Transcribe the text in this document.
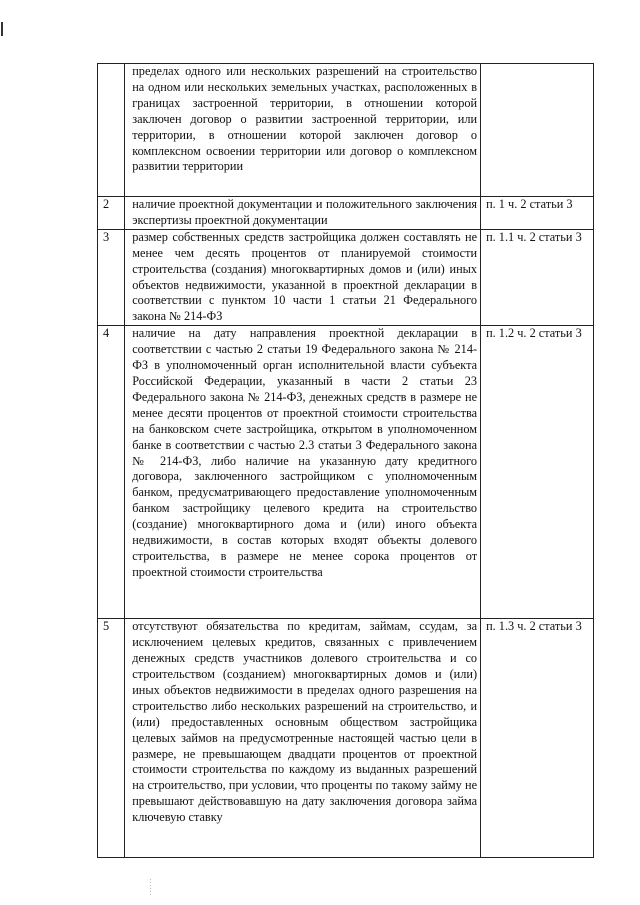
	пределах одного или нескольких разрешений на строительство на одном или нескольких земельных участках, расположенных в границах застроенной территории, в отношении которой заключен договор о развитии застроенной территории, или территории, в отношении которой заключен договор о комплексном освоении территории или договор о комплексном развитии территории	
2	наличие проектной документации и положительного заключения экспертизы проектной документации	п. 1 ч. 2 статьи 3
3	размер собственных средств застройщика должен составлять не менее чем десять процентов от планируемой стоимости строительства (создания) многоквартирных домов и (или) иных объектов недвижимости, указанной в проектной декларации в соответствии с пунктом 10 части 1 статьи 21 Федерального закона № 214-ФЗ	п. 1.1 ч. 2 статьи 3
4	наличие на дату направления проектной декларации в соответствии с частью 2 статьи 19 Федерального закона № 214-ФЗ в уполномоченный орган исполнительной власти субъекта Российской Федерации, указанный в части 2 статьи 23 Федерального закона № 214-ФЗ, денежных средств в размере не менее десяти процентов от проектной стоимости строительства на банковском счете застройщика, открытом в уполномоченном банке в соответствии с частью 2.3 статьи 3 Федерального закона № 214-ФЗ, либо наличие на указанную дату кредитного договора, заключенного застройщиком с уполномоченным банком, предусматривающего предоставление уполномоченным банком застройщику целевого кредита на строительство (создание) многоквартирного дома и (или) иного объекта недвижимости, в состав которых входят объекты долевого строительства, в размере не менее сорока процентов от проектной стоимости строительства	п. 1.2 ч. 2 статьи 3
5	отсутствуют обязательства по кредитам, займам, ссудам, за исключением целевых кредитов, связанных с привлечением денежных средств участников долевого строительства и со строительством (созданием) многоквартирных домов и (или) иных объектов недвижимости в пределах одного разрешения на строительство либо нескольких разрешений на строительство, и (или) предоставленных основным обществом застройщика целевых займов на предусмотренные настоящей частью цели в размере, не превышающем двадцати процентов от проектной стоимости строительства по каждому из выданных разрешений на строительство, при условии, что проценты по такому займу не превышают действовавшую на дату заключения договора займа ключевую ставку	п. 1.3 ч. 2 статьи 3
